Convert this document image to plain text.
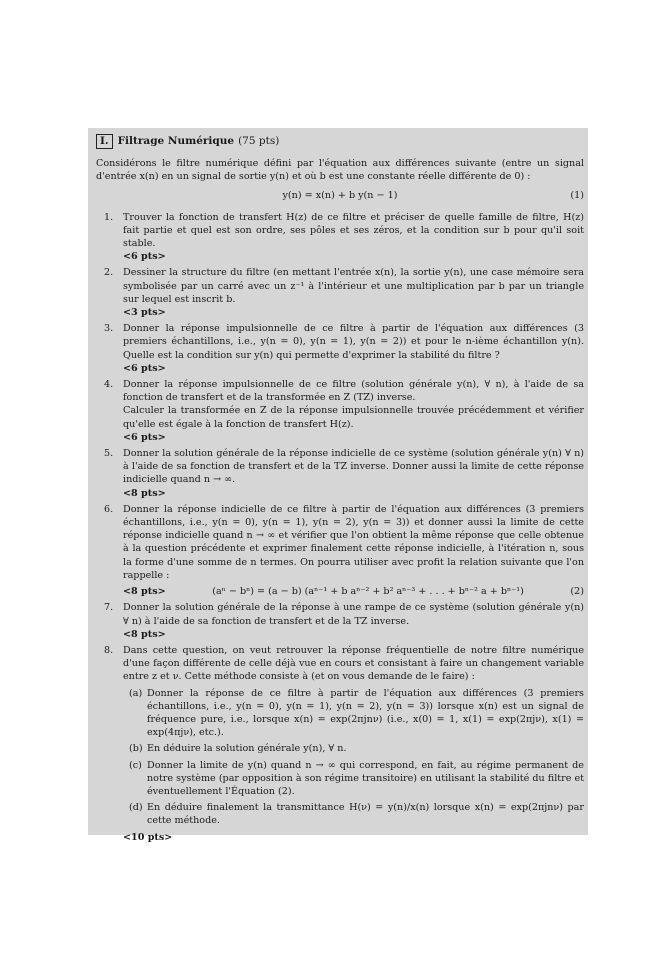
I. Filtrage Numérique (75 pts)

Considérons le filtre numérique défini par l'équation aux différences suivante (entre un signal d'entrée x(n) en un signal de sortie y(n) et où b est une constante réelle différente de 0) :

y(n) = x(n) + b y(n − 1)	(1)
1. Trouver la fonction de transfert H(z) de ce filtre et préciser de quelle famille de filtre, H(z) fait partie et quel est son ordre, ses pôles et ses zéros, et la condition sur b pour qu'il soit stable.

<6 pts>
2. Dessiner la structure du filtre (en mettant l'entrée x(n), la sortie y(n), une case mémoire sera symbolisée par un carré avec un z⁻¹ à l'intérieur et une multiplication par b par un triangle sur lequel est inscrit b.

<3 pts>
3. Donner la réponse impulsionnelle de ce filtre à partir de l'équation aux différences (3 premiers échantillons, i.e., y(n = 0), y(n = 1), y(n = 2)) et pour le n-ième échantillon y(n). Quelle est la condition sur y(n) qui permette d'exprimer la stabilité du filtre ?

<6 pts>
4. Donner la réponse impulsionnelle de ce filtre (solution générale y(n), ∀ n), à l'aide de sa fonction de transfert et de la transformée en Z (TZ) inverse.

Calculer la transformée en Z de la réponse impulsionnelle trouvée précédemment et vérifier qu'elle est égale à la fonction de transfert H(z).

<6 pts>
5. Donner la solution générale de la réponse indicielle de ce système (solution générale y(n) ∀ n) à l'aide de sa fonction de transfert et de la TZ inverse. Donner aussi la limite de cette réponse indicielle quand n → ∞.

<8 pts>
6. Donner la réponse indicielle de ce filtre à partir de l'équation aux différences (3 premiers échantillons, i.e., y(n = 0), y(n = 1), y(n = 2), y(n = 3)) et donner aussi la limite de cette réponse indicielle quand n → ∞ et vérifier que l'on obtient la même réponse que celle obtenue à la question précédente et exprimer finalement cette réponse indicielle, à l'itération n, sous la forme d'une somme de n termes. On pourra utiliser avec profit la relation suivante que l'on rappelle :

<8 pts>	(aⁿ − bⁿ) = (a − b) (aⁿ⁻¹ + b aⁿ⁻² + b² aⁿ⁻³ + . . . + bⁿ⁻² a + bⁿ⁻¹)	(2)
7. Donner la solution générale de la réponse à une rampe de ce système (solution générale y(n) ∀ n) à l'aide de sa fonction de transfert et de la TZ inverse.

<8 pts>
8. Dans cette question, on veut retrouver la réponse fréquentielle de notre filtre numérique d'une façon différente de celle déjà vue en cours et consistant à faire un changement variable entre z et ν. Cette méthode consiste à (et on vous demande de le faire) :

(a) Donner la réponse de ce filtre à partir de l'équation aux différences (3 premiers échantillons, i.e., y(n = 0), y(n = 1), y(n = 2), y(n = 3)) lorsque x(n) est un signal de fréquence pure, i.e., lorsque x(n) = exp(2πjnν) (i.e., x(0) = 1, x(1) = exp(2πjν), x(1) = exp(4πjν), etc.).

(b) En déduire la solution générale y(n), ∀ n.

(c) Donner la limite de y(n) quand n → ∞ qui correspond, en fait, au régime permanent de notre système (par opposition à son régime transitoire) en utilisant la stabilité du filtre et éventuellement l'Équation (2).

(d) En déduire finalement la transmittance H(ν) = y(n)/x(n) lorsque x(n) = exp(2πjnν) par cette méthode.

<10 pts>
